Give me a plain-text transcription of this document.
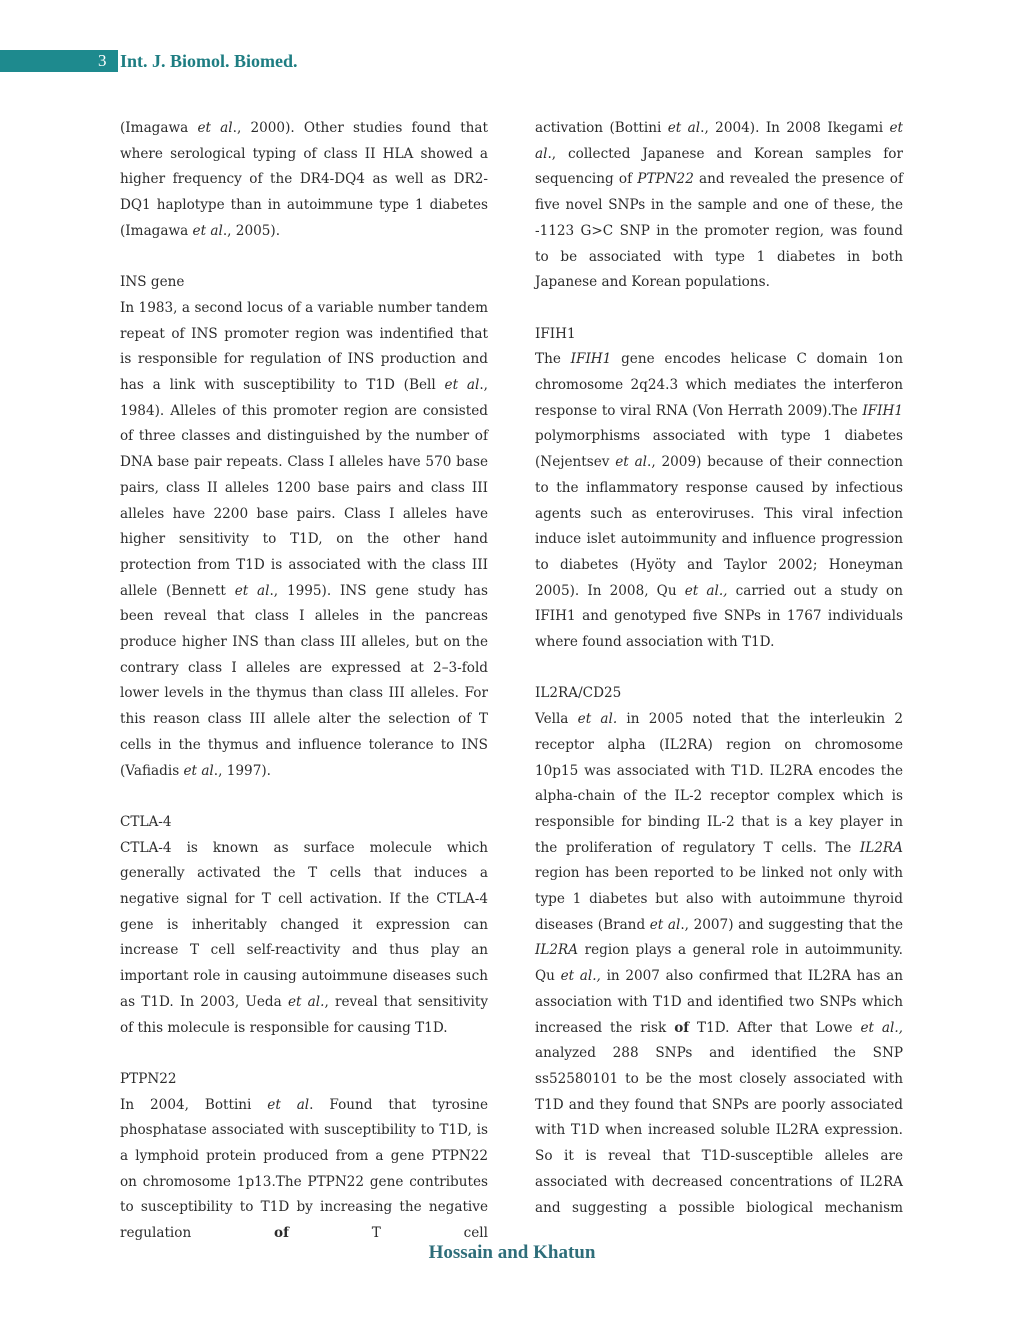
3 Int. J. Biomol. Biomed.

(Imagawa et al., 2000). Other studies found that where serological typing of class II HLA showed a higher frequency of the DR4-DQ4 as well as DR2-DQ1 haplotype than in autoimmune type 1 diabetes (Imagawa et al., 2005).

INS gene

In 1983, a second locus of a variable number tandem repeat of INS promoter region was indentified that is responsible for regulation of INS production and has a link with susceptibility to T1D (Bell et al., 1984). Alleles of this promoter region are consisted of three classes and distinguished by the number of DNA base pair repeats. Class I alleles have 570 base pairs, class II alleles 1200 base pairs and class III alleles have 2200 base pairs. Class I alleles have higher sensitivity to T1D, on the other hand protection from T1D is associated with the class III allele (Bennett et al., 1995). INS gene study has been reveal that class I alleles in the pancreas produce higher INS than class III alleles, but on the contrary class I alleles are expressed at 2–3-fold lower levels in the thymus than class III alleles. For this reason class III allele alter the selection of T cells in the thymus and influence tolerance to INS (Vafiadis et al., 1997).

CTLA-4

CTLA-4 is known as surface molecule which generally activated the T cells that induces a negative signal for T cell activation. If the CTLA-4 gene is inheritably changed it expression can increase T cell self-reactivity and thus play an important role in causing autoimmune diseases such as T1D. In 2003, Ueda et al., reveal that sensitivity of this molecule is responsible for causing T1D.

PTPN22

In 2004, Bottini et al. Found that tyrosine phosphatase associated with susceptibility to T1D, is a lymphoid protein produced from a gene PTPN22 on chromosome 1p13.The PTPN22 gene contributes to susceptibility to T1D by increasing the negative regulation of T cell

activation (Bottini et al., 2004). In 2008 Ikegami et al., collected Japanese and Korean samples for sequencing of PTPN22 and revealed the presence of five novel SNPs in the sample and one of these, the -1123 G>C SNP in the promoter region, was found to be associated with type 1 diabetes in both Japanese and Korean populations.

IFIH1

The IFIH1 gene encodes helicase C domain 1on chromosome 2q24.3 which mediates the interferon response to viral RNA (Von Herrath 2009).The IFIH1 polymorphisms associated with type 1 diabetes (Nejentsev et al., 2009) because of their connection to the inflammatory response caused by infectious agents such as enteroviruses. This viral infection induce islet autoimmunity and influence progression to diabetes (Hyöty and Taylor 2002; Honeyman 2005). In 2008, Qu et al., carried out a study on IFIH1 and genotyped five SNPs in 1767 individuals where found association with T1D.

IL2RA/CD25

Vella et al. in 2005 noted that the interleukin 2 receptor alpha (IL2RA) region on chromosome 10p15 was associated with T1D. IL2RA encodes the alpha-chain of the IL-2 receptor complex which is responsible for binding IL-2 that is a key player in the proliferation of regulatory T cells. The IL2RA region has been reported to be linked not only with type 1 diabetes but also with autoimmune thyroid diseases (Brand et al., 2007) and suggesting that the IL2RA region plays a general role in autoimmunity. Qu et al., in 2007 also confirmed that IL2RA has an association with T1D and identified two SNPs which increased the risk of T1D. After that Lowe et al., analyzed 288 SNPs and identified the SNP ss52580101 to be the most closely associated with T1D and they found that SNPs are poorly associated with T1D when increased soluble IL2RA expression. So it is reveal that T1D-susceptible alleles are associated with decreased concentrations of IL2RA and suggesting a possible biological mechanism

Hossain and Khatun
